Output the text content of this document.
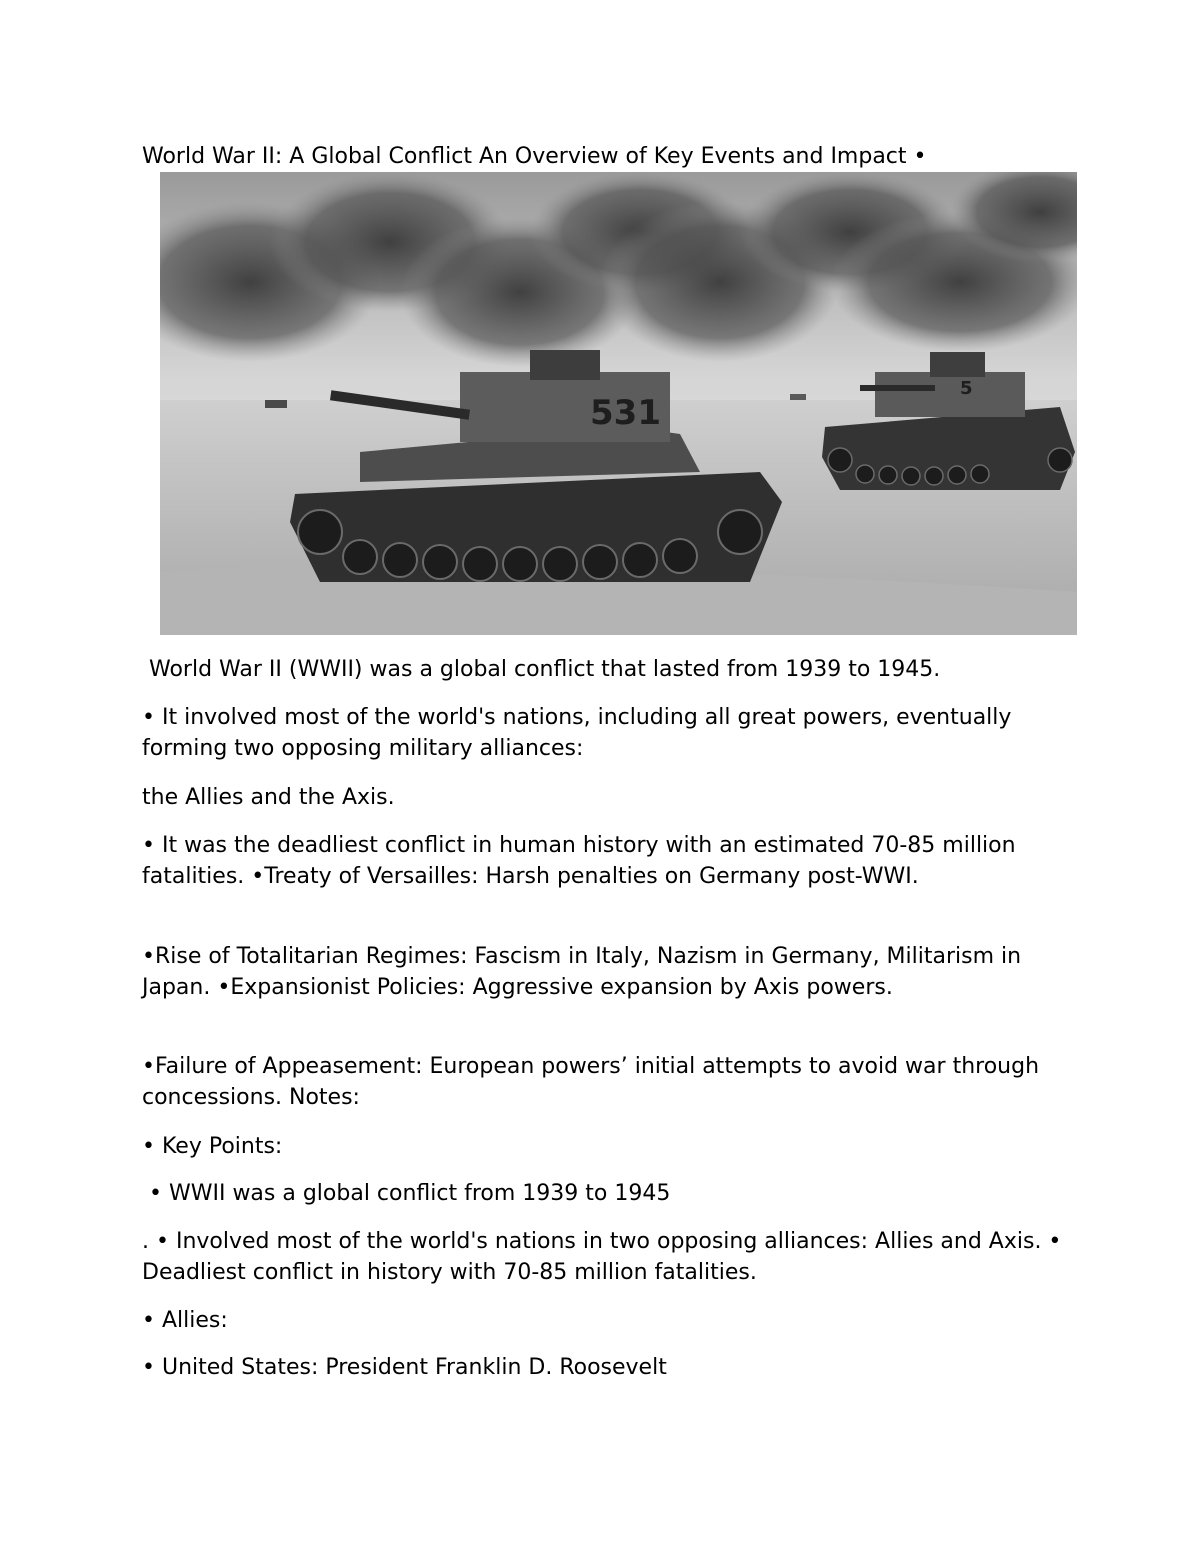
World War II: A Global Conflict An Overview of Key Events and Impact •

531
5

World War II (WWII) was a global conflict that lasted from 1939 to 1945.

• It involved most of the world's nations, including all great powers, eventually forming two opposing military alliances:

the Allies and the Axis.

• It was the deadliest conflict in human history with an estimated 70-85 million fatalities. •Treaty of Versailles: Harsh penalties on Germany post-WWI.

•Rise of Totalitarian Regimes: Fascism in Italy, Nazism in Germany, Militarism in Japan. •Expansionist Policies: Aggressive expansion by Axis powers.

•Failure of Appeasement: European powers’ initial attempts to avoid war through concessions. Notes:

• Key Points:

• WWII was a global conflict from 1939 to 1945

. • Involved most of the world's nations in two opposing alliances: Allies and Axis. • Deadliest conflict in history with 70-85 million fatalities.

• Allies:

• United States: President Franklin D. Roosevelt
